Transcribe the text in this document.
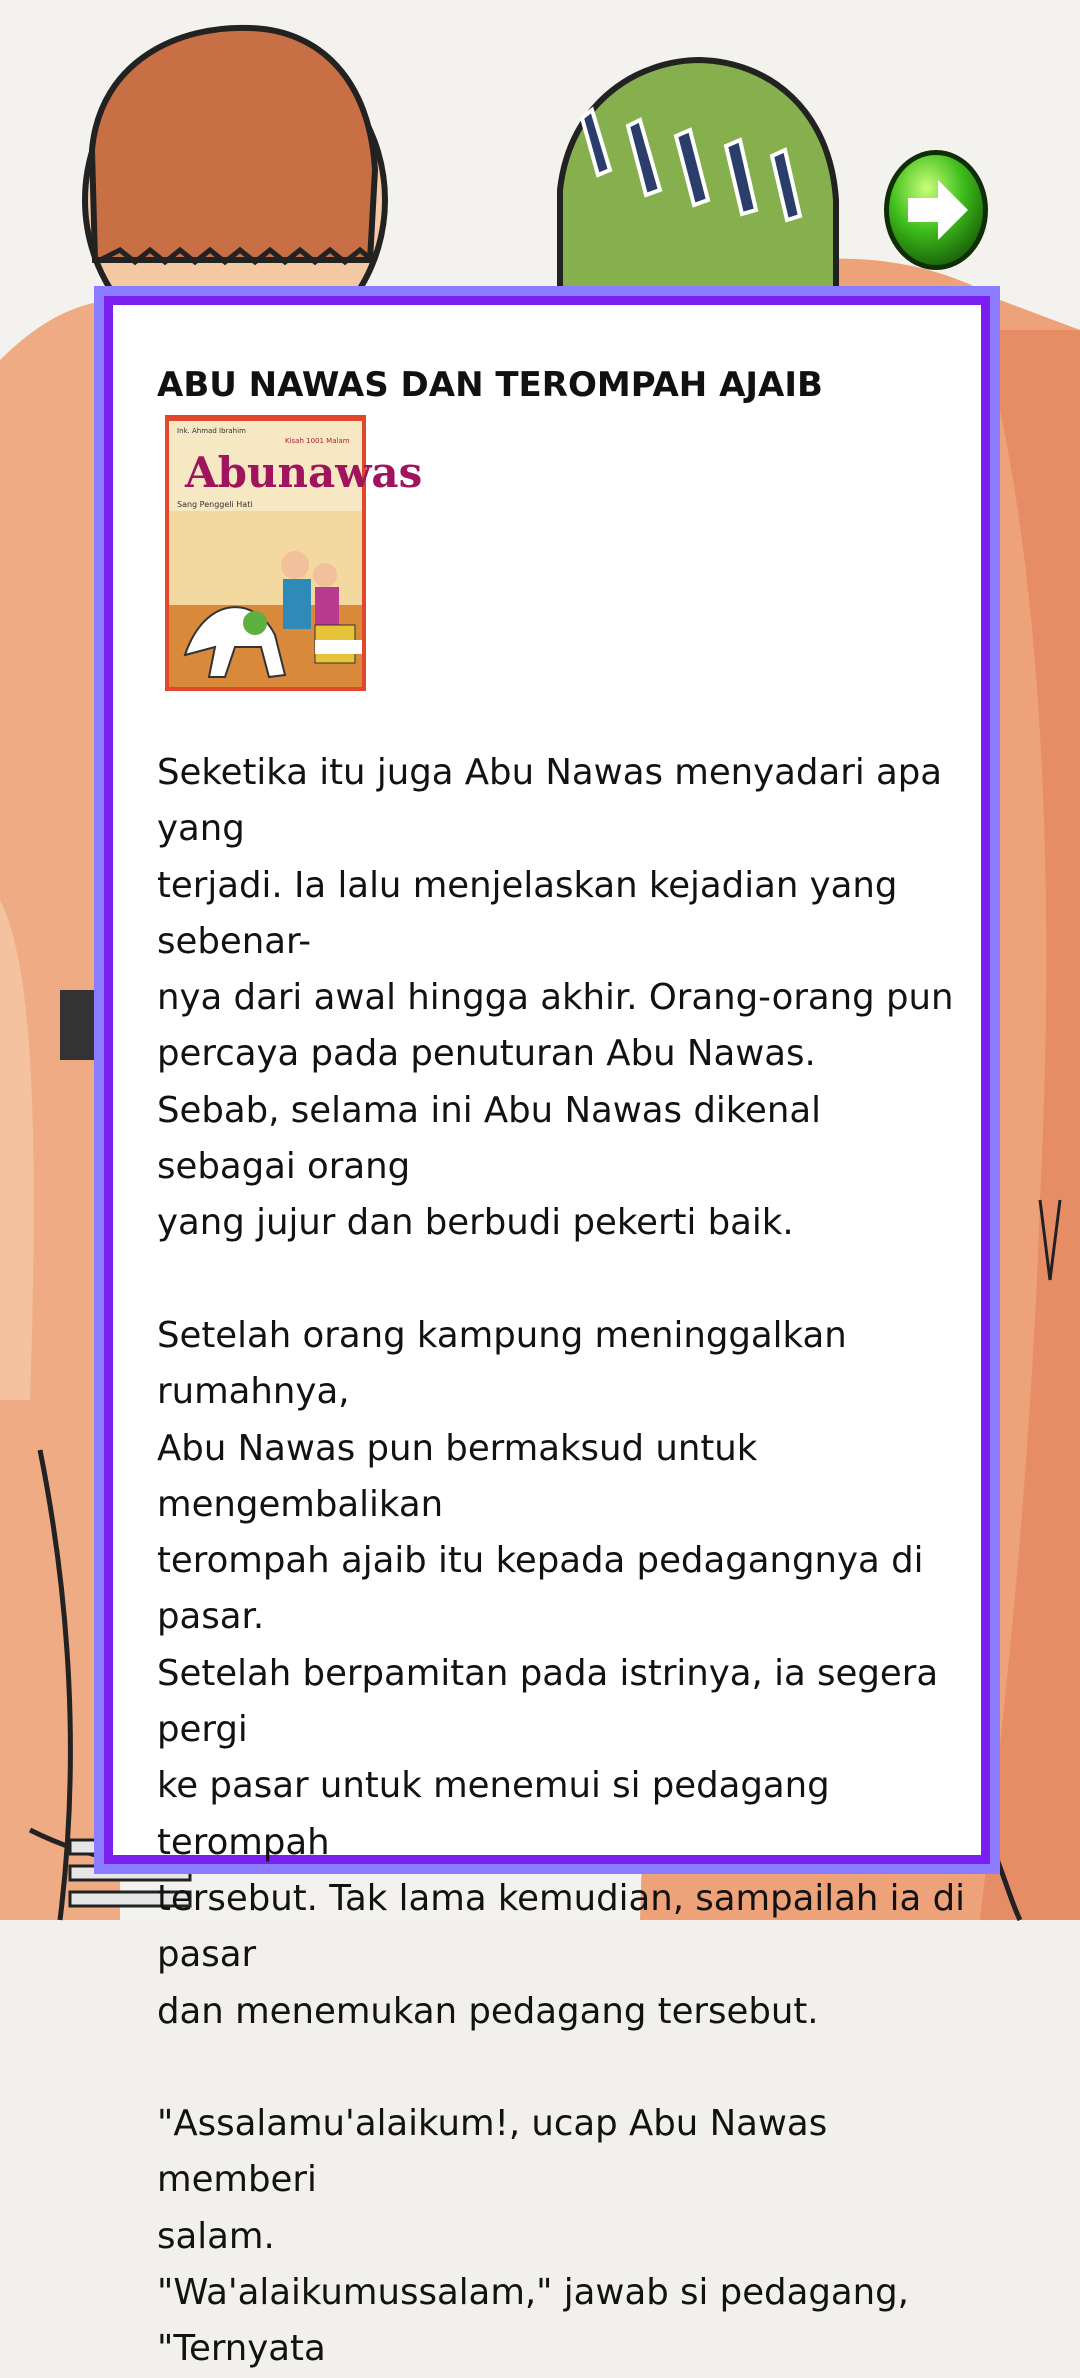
ABU NAWAS DAN TEROMPAH AJAIB
Ink. Ahmad Ibrahim
Kisah 1001 Malam
Abunawas
Sang Penggeli Hati

Seketika itu juga Abu Nawas menyadari apa yang

terjadi. Ia lalu menjelaskan kejadian yang sebenar-

nya dari awal hingga akhir. Orang-orang pun

percaya pada penuturan Abu Nawas.

Sebab, selama ini Abu Nawas dikenal sebagai orang

yang jujur dan berbudi pekerti baik.

Setelah orang kampung meninggalkan rumahnya,

Abu Nawas pun bermaksud untuk mengembalikan

terompah ajaib itu kepada pedagangnya di pasar.

Setelah berpamitan pada istrinya, ia segera pergi

ke pasar untuk menemui si pedagang terompah

tersebut. Tak lama kemudian, sampailah ia di pasar

dan menemukan pedagang tersebut.

"Assalamu'alaikum!, ucap Abu Nawas memberi

salam.

"Wa'alaikumussalam," jawab si pedagang, "Ternyata
